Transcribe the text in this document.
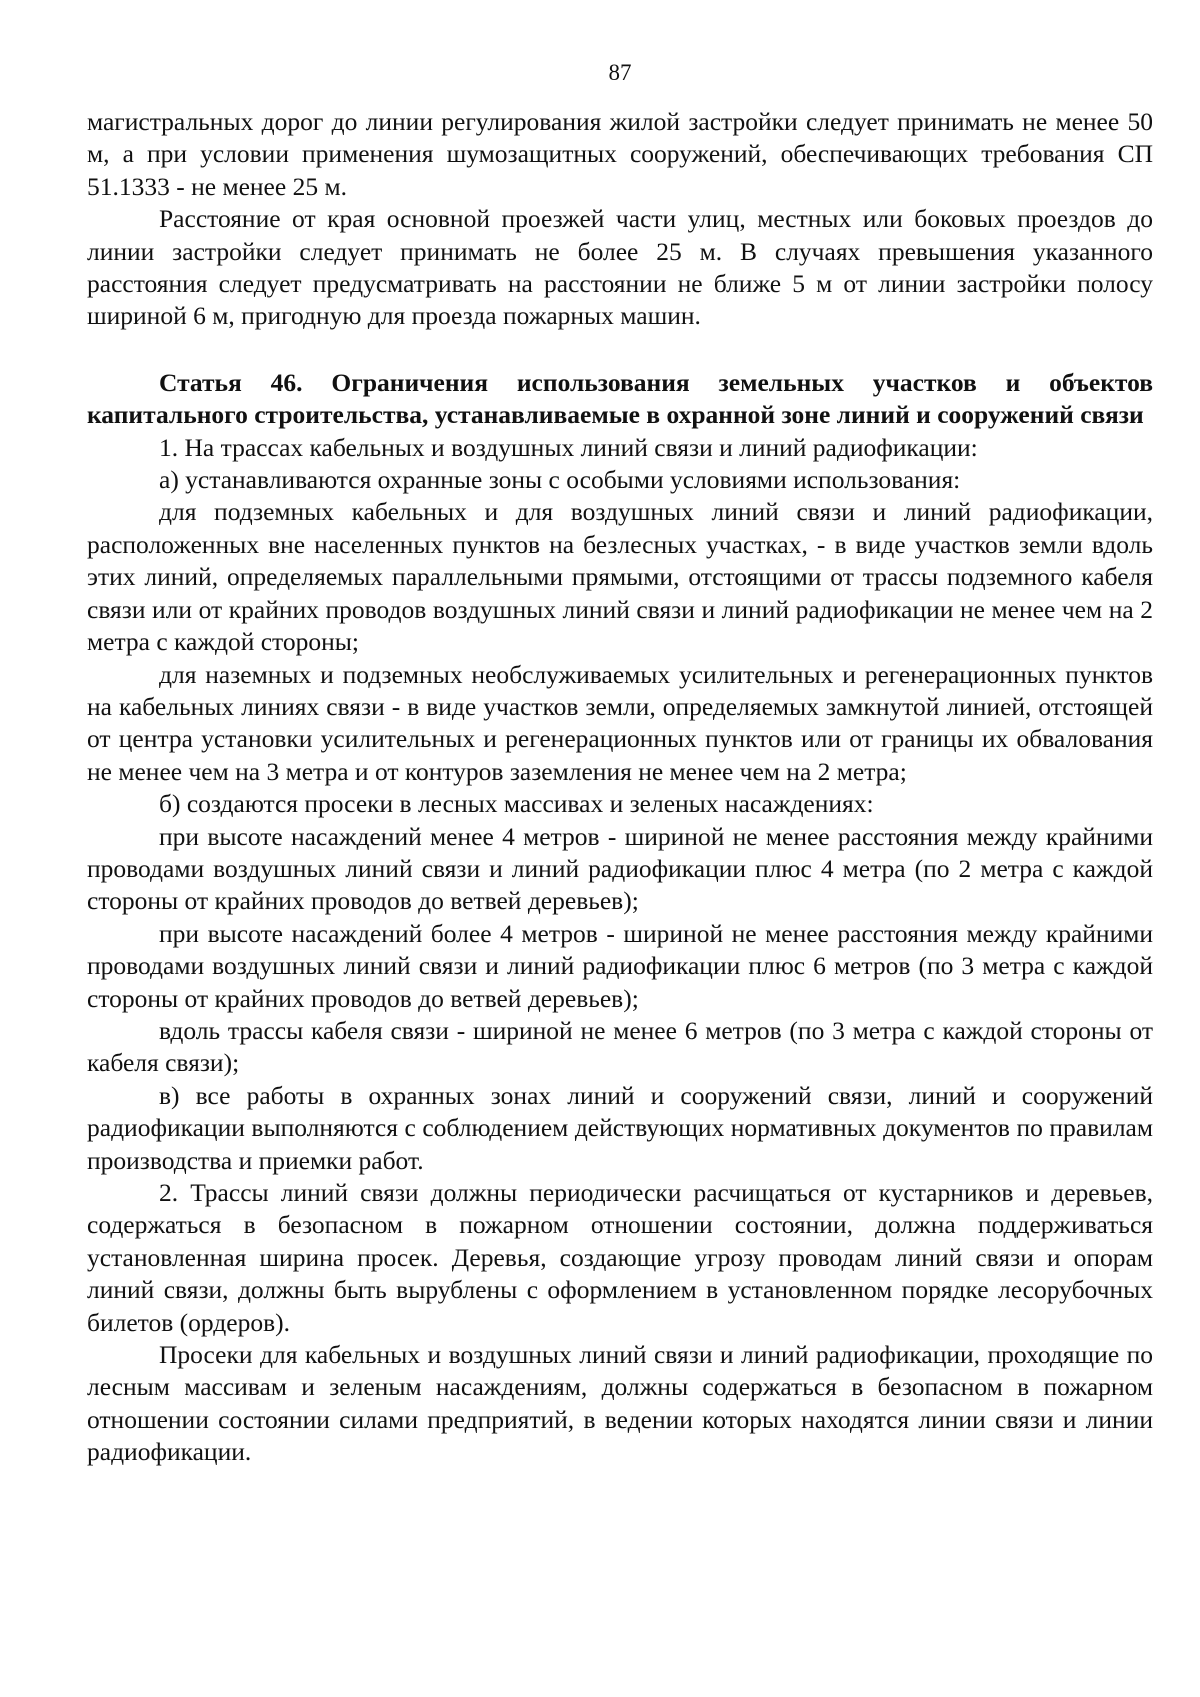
87

магистральных дорог до линии регулирования жилой застройки следует принимать не менее 50 м, а при условии применения шумозащитных сооружений, обеспечивающих требования СП 51.1333 - не менее 25 м.

Расстояние от края основной проезжей части улиц, местных или боковых проездов до линии застройки следует принимать не более 25 м. В случаях превышения указанного расстояния следует предусматривать на расстоянии не ближе 5 м от линии застройки полосу шириной 6 м, пригодную для проезда пожарных машин.

Статья 46. Ограничения использования земельных участков и объектов капитального строительства, устанавливаемые в охранной зоне линий и сооружений связи

1. На трассах кабельных и воздушных линий связи и линий радиофикации:

а) устанавливаются охранные зоны с особыми условиями использования:

для подземных кабельных и для воздушных линий связи и линий радиофикации, расположенных вне населенных пунктов на безлесных участках, - в виде участков земли вдоль этих линий, определяемых параллельными прямыми, отстоящими от трассы подземного кабеля связи или от крайних проводов воздушных линий связи и линий радиофикации не менее чем на 2 метра с каждой стороны;

для наземных и подземных необслуживаемых усилительных и регенерационных пунктов на кабельных линиях связи - в виде участков земли, определяемых замкнутой линией, отстоящей от центра установки усилительных и регенерационных пунктов или от границы их обвалования не менее чем на 3 метра и от контуров заземления не менее чем на 2 метра;

б) создаются просеки в лесных массивах и зеленых насаждениях:

при высоте насаждений менее 4 метров - шириной не менее расстояния между крайними проводами воздушных линий связи и линий радиофикации плюс 4 метра (по 2 метра с каждой стороны от крайних проводов до ветвей деревьев);

при высоте насаждений более 4 метров - шириной не менее расстояния между крайними проводами воздушных линий связи и линий радиофикации плюс 6 метров (по 3 метра с каждой стороны от крайних проводов до ветвей деревьев);

вдоль трассы кабеля связи - шириной не менее 6 метров (по 3 метра с каждой стороны от кабеля связи);

в) все работы в охранных зонах линий и сооружений связи, линий и сооружений радиофикации выполняются с соблюдением действующих нормативных документов по правилам производства и приемки работ.

2. Трассы линий связи должны периодически расчищаться от кустарников и деревьев, содержаться в безопасном в пожарном отношении состоянии, должна поддерживаться установленная ширина просек. Деревья, создающие угрозу проводам линий связи и опорам линий связи, должны быть вырублены с оформлением в установленном порядке лесорубочных билетов (ордеров).

Просеки для кабельных и воздушных линий связи и линий радиофикации, проходящие по лесным массивам и зеленым насаждениям, должны содержаться в безопасном в пожарном отношении состоянии силами предприятий, в ведении которых находятся линии связи и линии радиофикации.
